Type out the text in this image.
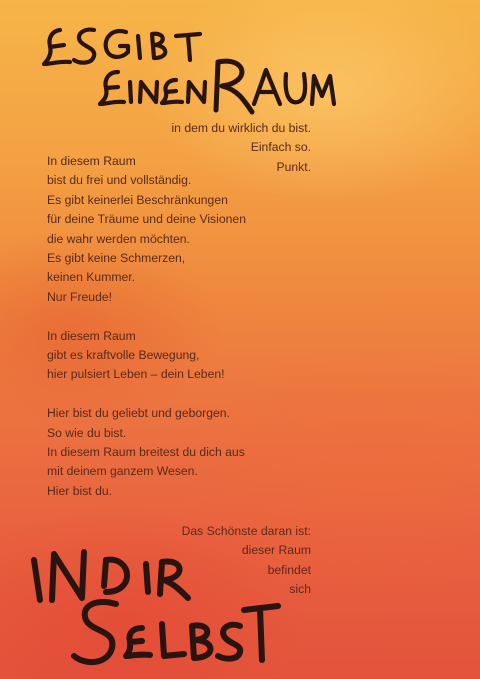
in dem du wirklich du bist.
Einfach so.
Punkt.
In diesem Raum
bist du frei und vollständig.
Es gibt keinerlei Beschränkungen
für deine Träume und deine Visionen
die wahr werden möchten.
Es gibt keine Schmerzen,
keinen Kummer.
Nur Freude!
In diesem Raum
gibt es kraftvolle Bewegung,
hier pulsiert Leben – dein Leben!
Hier bist du geliebt und geborgen.
So wie du bist.
In diesem Raum breitest du dich aus
mit deinem ganzem Wesen.
Hier bist du.
Das Schönste daran ist:
dieser Raum
befindet
sich
